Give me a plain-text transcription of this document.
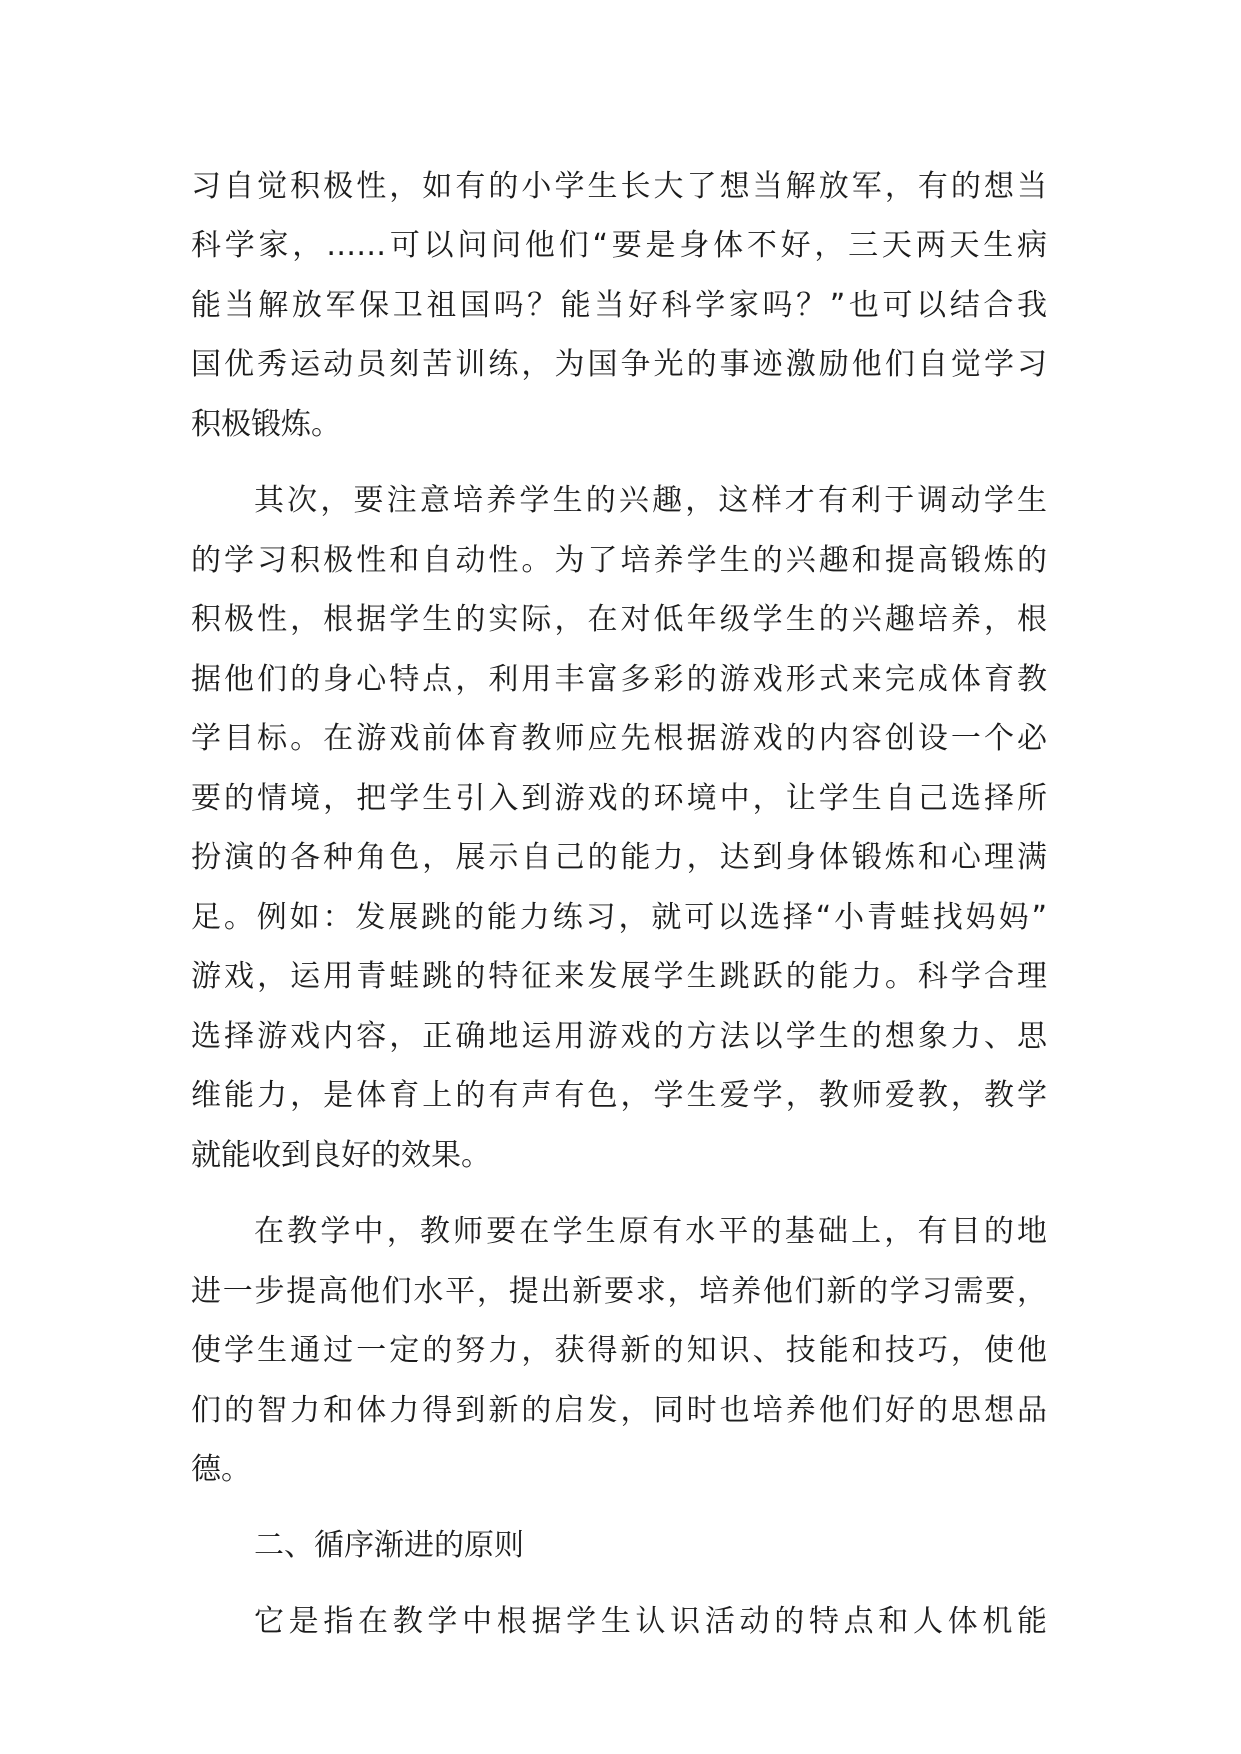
习自觉积极性，如有的小学生长大了想当解放军，有的想当
科学家，……可以问问他们“要是身体不好，三天两天生病
能当解放军保卫祖国吗？能当好科学家吗？”也可以结合我
国优秀运动员刻苦训练，为国争光的事迹激励他们自觉学习
积极锻炼。
其次，要注意培养学生的兴趣，这样才有利于调动学生
的学习积极性和自动性。为了培养学生的兴趣和提高锻炼的
积极性，根据学生的实际，在对低年级学生的兴趣培养，根
据他们的身心特点，利用丰富多彩的游戏形式来完成体育教
学目标。在游戏前体育教师应先根据游戏的内容创设一个必
要的情境，把学生引入到游戏的环境中，让学生自己选择所
扮演的各种角色，展示自己的能力，达到身体锻炼和心理满
足。例如：发展跳的能力练习，就可以选择“小青蛙找妈妈”
游戏，运用青蛙跳的特征来发展学生跳跃的能力。科学合理
选择游戏内容，正确地运用游戏的方法以学生的想象力、思
维能力，是体育上的有声有色，学生爱学，教师爱教，教学
就能收到良好的效果。
在教学中，教师要在学生原有水平的基础上，有目的地
进一步提高他们水平，提出新要求，培养他们新的学习需要，
使学生通过一定的努力，获得新的知识、技能和技巧，使他
们的智力和体力得到新的启发，同时也培养他们好的思想品
德。
二、循序渐进的原则
它是指在教学中根据学生认识活动的特点和人体机能
